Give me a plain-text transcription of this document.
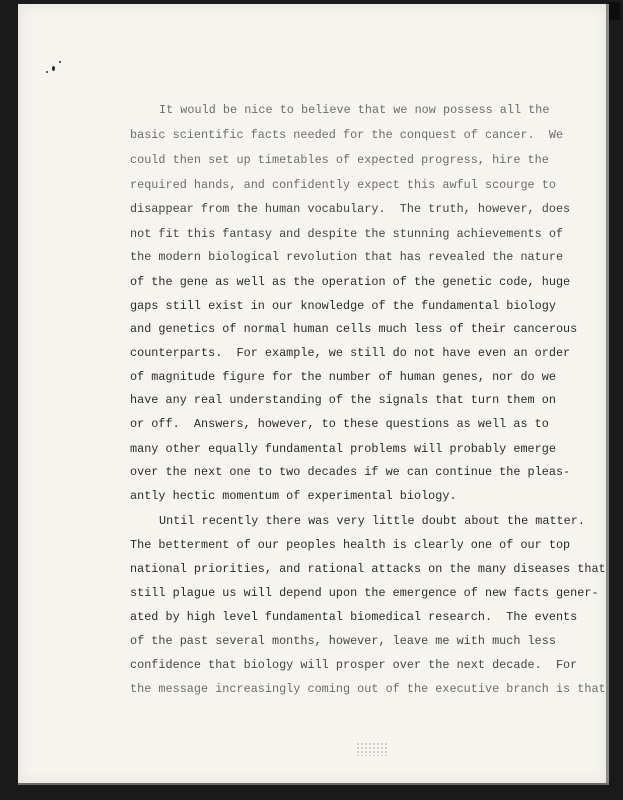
It would be nice to believe that we now possess all the
basic scientific facts needed for the conquest of cancer.  We
could then set up timetables of expected progress, hire the
required hands, and confidently expect this awful scourge to
disappear from the human vocabulary.  The truth, however, does
not fit this fantasy and despite the stunning achievements of
the modern biological revolution that has revealed the nature
of the gene as well as the operation of the genetic code, huge
gaps still exist in our knowledge of the fundamental biology
and genetics of normal human cells much less of their cancerous
counterparts.  For example, we still do not have even an order
of magnitude figure for the number of human genes, nor do we
have any real understanding of the signals that turn them on
or off.  Answers, however, to these questions as well as to
many other equally fundamental problems will probably emerge
over the next one to two decades if we can continue the pleas-
antly hectic momentum of experimental biology.
Until recently there was very little doubt about the matter.
The betterment of our peoples health is clearly one of our top
national priorities, and rational attacks on the many diseases that
still plague us will depend upon the emergence of new facts gener-
ated by high level fundamental biomedical research.  The events
of the past several months, however, leave me with much less
confidence that biology will prosper over the next decade.  For
the message increasingly coming out of the executive branch is that
